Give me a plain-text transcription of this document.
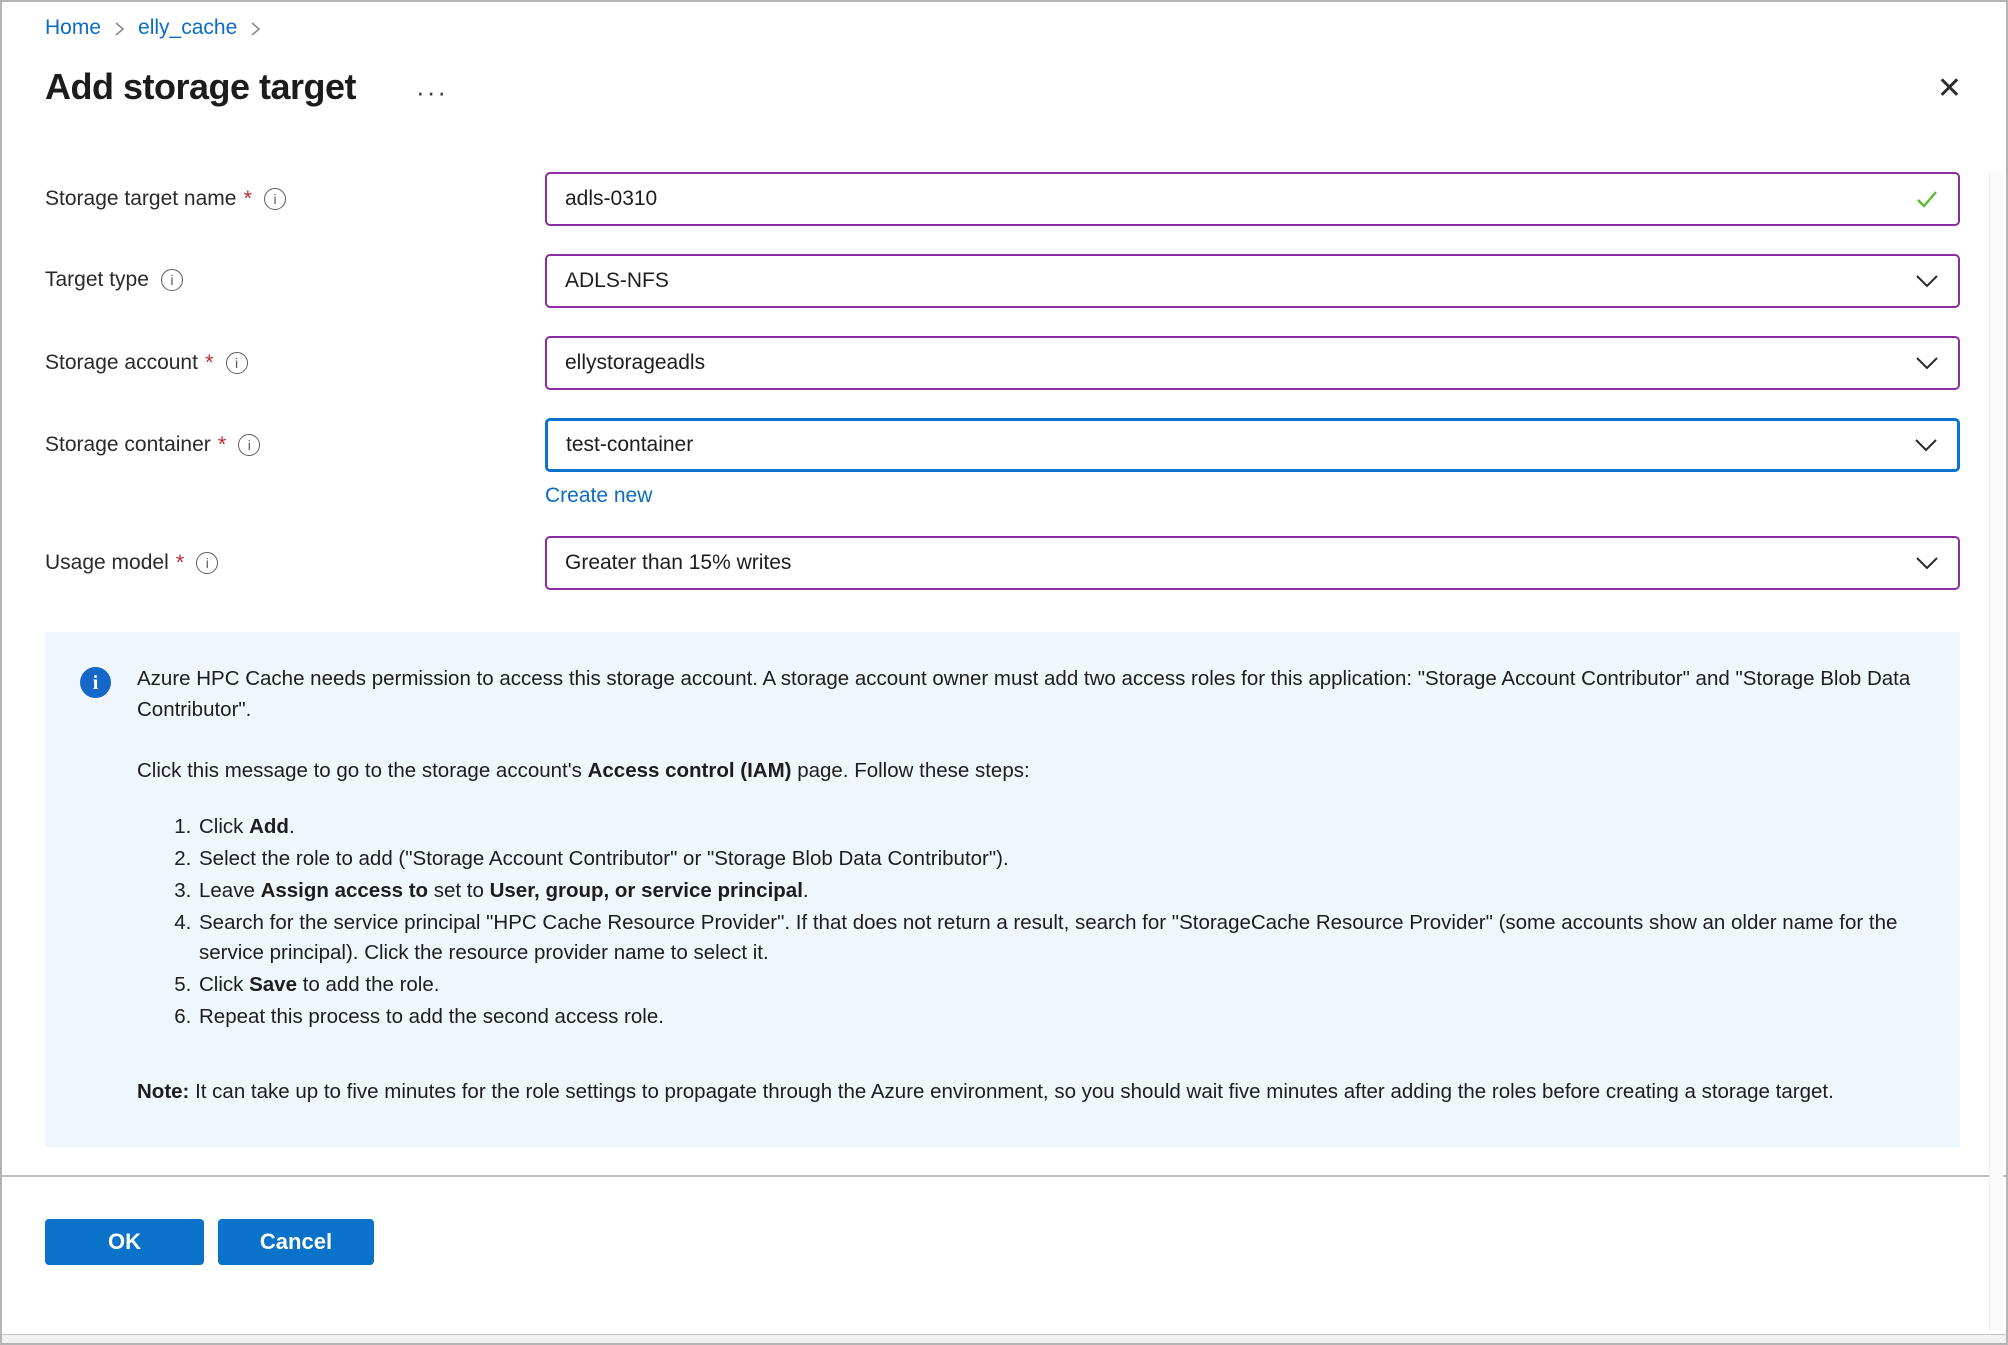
Home elly_cache
Add storage target ···	✕
Storage target name *	i	adls-0310
Target type	i	ADLS-NFS
Storage account *	i	ellystorageadls
Storage container *	i	test-container
Create new
Usage model *	i	Greater than 15% writes
i	Azure HPC Cache needs permission to access this storage account. A storage account owner must add two access roles for this application: "Storage Account Contributor" and "Storage Blob Data Contributor".

Click this message to go to the storage account's Access control (IAM) page. Follow these steps:

1. Click Add.
2. Select the role to add ("Storage Account Contributor" or "Storage Blob Data Contributor").
3. Leave Assign access to set to User, group, or service principal.
4. Search for the service principal "HPC Cache Resource Provider". If that does not return a result, search for "StorageCache Resource Provider" (some accounts show an older name for the service principal). Click the resource provider name to select it.
5. Click Save to add the role.
6. Repeat this process to add the second access role.

Note: It can take up to five minutes for the role settings to propagate through the Azure environment, so you should wait five minutes after adding the roles before creating a storage target.

OK	Cancel
